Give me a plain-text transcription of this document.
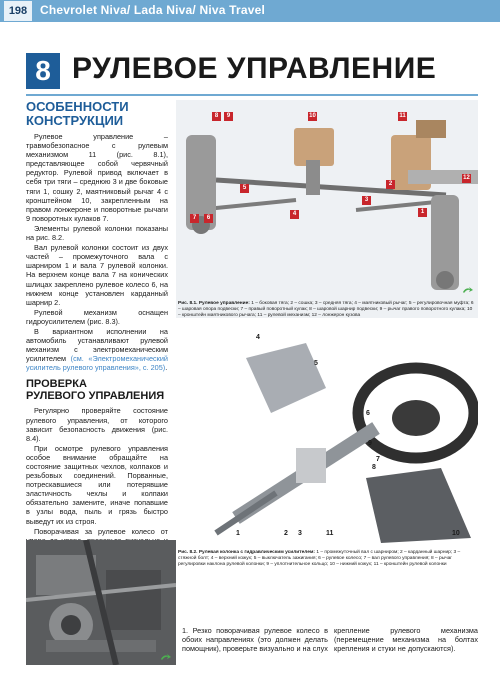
198	Chevrolet Niva/ Lada Niva/ Niva Travel
8 РУЛЕВОЕ УПРАВЛЕНИЕ
ОСОБЕННОСТИ
КОНСТРУКЦИИ

Рулевое управление – травмобезопасное с рулевым механизмом 11 (рис. 8.1), представляющее собой червячный редуктор. Рулевой привод включает в себя три тяги – среднюю 3 и две боковые тяги 1, сошку 2, маятниковый рычаг 4 с кронштейном 10, закрепленным на правом лонжероне и поворотные рычаги 9 поворотных кулаков 7.

Элементы рулевой колонки показаны на рис. 8.2.

Вал рулевой колонки состоит из двух частей – промежуточного вала с шарниром 1 и вала 7 рулевой колонки. На верхнем конце вала 7 на конических шлицах закреплено рулевое колесо 6, на нижнем конце установлен карданный шарнир 2.

Рулевой механизм оснащен гидроусилителем (рис. 8.3).

В вариантном исполнении на автомобиль устанавливают рулевой механизм с электромеханическим усилителем (см. «Электромеханический усилитель рулевого управления», с. 205).

ПРОВЕРКА
РУЛЕВОГО УПРАВЛЕНИЯ

Регулярно проверяйте состояние рулевого управления, от которого зависит безопасность движения (рис. 8.4).

При осмотре рулевого управления особое внимание обращайте на состояние защитных чехлов, колпаков и резьбовых соединений. Порванные, потрескавшиеся или потерявшие эластичность чехлы и колпаки обязательно замените, иначе попавшие в узлы вода, пыль и грязь быстро выведут их из строя.

Поворачивая за рулевое колесо от

8	9	10	11
12
7	6
5
4
3
2
1
Рис. 8.1. Рулевое управление: 1 – боковая тяга; 2 – сошка; 3 – средняя тяга; 4 – маятниковый рычаг; 5 – регулировочная муфта; 6 – шаровая опора подвески; 7 – правый поворотный кулак; 8 – шаровой шарнир подвески; 9 – рычаг правого поворотного кулака; 10 – кронштейн маятникового рычага; 11 – рулевой механизм; 12 – лонжерон кузова
4
5
6
7
8
9
1	2 3	11	10
Рис. 8.2. Рулевая колонка с гидравлическим усилителем: 1 – промежуточный вал с шарниром; 2 – карданный шарнир; 3 – стяжной болт; 4 – верхний кожух; 5 – выключатель зажигания; 6 – рулевое колесо; 7 – вал рулевого управления; 8 – рычаг регулировки наклона рулевой колонки; 9 – уплотнительное кольцо; 10 – нижний кожух; 11 – кронштейн рулевой колонки
1. Резко поворачивая рулевое колесо в обоих направлениях (это должен делать помощник), проверьте визуально и на слух
крепление рулевого механизма (перемещение механизма на болтах крепления и стуки не допускаются).
